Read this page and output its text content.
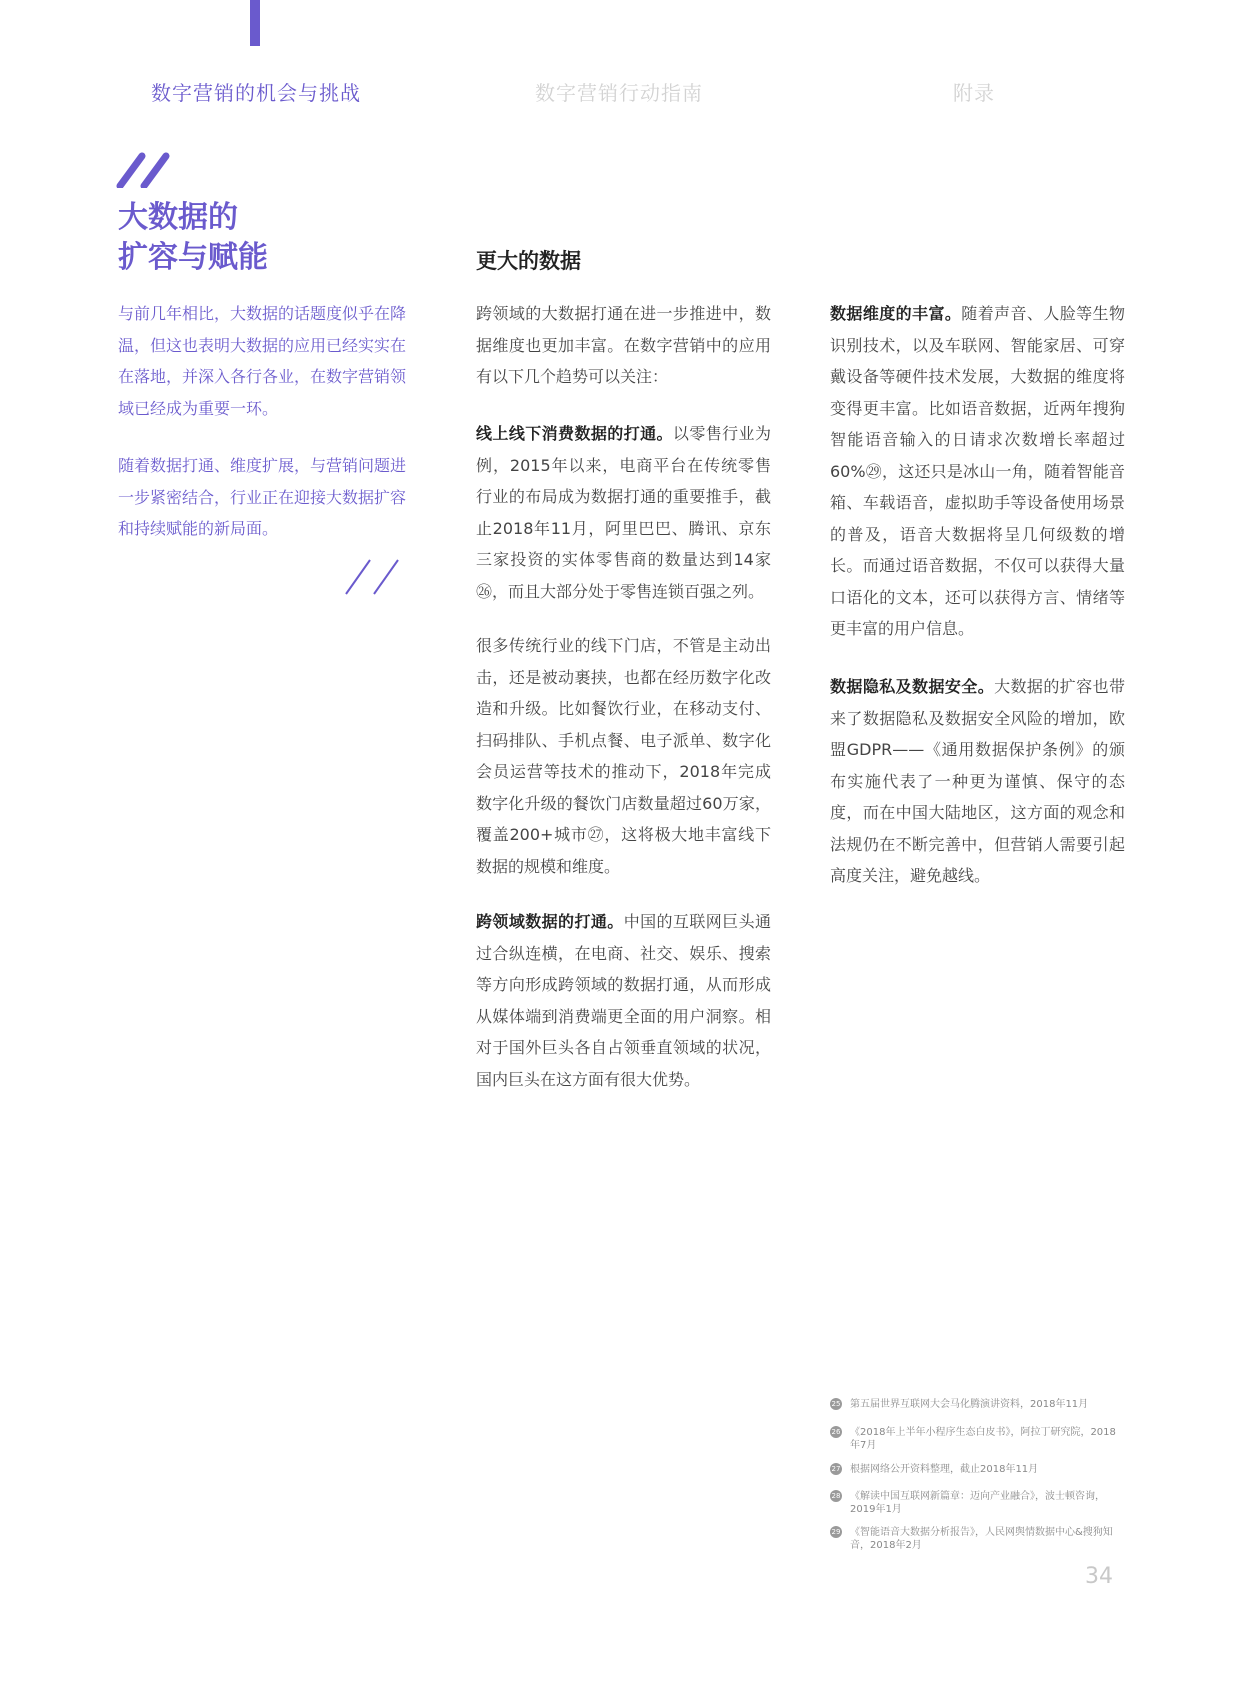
数字营销的机会与挑战	数字营销行动指南	附录
大数据的
扩容与赋能

与前几年相比，大数据的话题度似乎在降温，但这也表明大数据的应用已经实实在在落地，并深入各行各业，在数字营销领域已经成为重要一环。

随着数据打通、维度扩展，与营销问题进一步紧密结合，行业正在迎接大数据扩容和持续赋能的新局面。

更大的数据

跨领域的大数据打通在进一步推进中，数据维度也更加丰富。在数字营销中的应用有以下几个趋势可以关注：

线上线下消费数据的打通。以零售行业为例，2015年以来，电商平台在传统零售行业的布局成为数据打通的重要推手，截止2018年11月，阿里巴巴、腾讯、京东三家投资的实体零售商的数量达到14家㉖，而且大部分处于零售连锁百强之列。

很多传统行业的线下门店，不管是主动出击，还是被动裹挟，也都在经历数字化改造和升级。比如餐饮行业，在移动支付、扫码排队、手机点餐、电子派单、数字化会员运营等技术的推动下，2018年完成数字化升级的餐饮门店数量超过60万家，覆盖200+城市㉗，这将极大地丰富线下数据的规模和维度。

跨领域数据的打通。中国的互联网巨头通过合纵连横，在电商、社交、娱乐、搜索等方向形成跨领域的数据打通，从而形成从媒体端到消费端更全面的用户洞察。相对于国外巨头各自占领垂直领域的状况，国内巨头在这方面有很大优势。

数据维度的丰富。随着声音、人脸等生物识别技术，以及车联网、智能家居、可穿戴设备等硬件技术发展，大数据的维度将变得更丰富。比如语音数据，近两年搜狗智能语音输入的日请求次数增长率超过60%㉙，这还只是冰山一角，随着智能音箱、车载语音，虚拟助手等设备使用场景的普及，语音大数据将呈几何级数的增长。而通过语音数据，不仅可以获得大量口语化的文本，还可以获得方言、情绪等更丰富的用户信息。

数据隐私及数据安全。大数据的扩容也带来了数据隐私及数据安全风险的增加，欧盟GDPR——《通用数据保护条例》的颁布实施代表了一种更为谨慎、保守的态度，而在中国大陆地区，这方面的观念和法规仍在不断完善中，但营销人需要引起高度关注，避免越线。

25 第五届世界互联网大会马化腾演讲资料，2018年11月
26 《2018年上半年小程序生态白皮书》，阿拉丁研究院，2018年7月
27 根据网络公开资料整理，截止2018年11月
28 《解读中国互联网新篇章：迈向产业融合》，波士顿咨询，2019年1月
29 《智能语音大数据分析报告》，人民网舆情数据中心&搜狗知音，2018年2月
34
